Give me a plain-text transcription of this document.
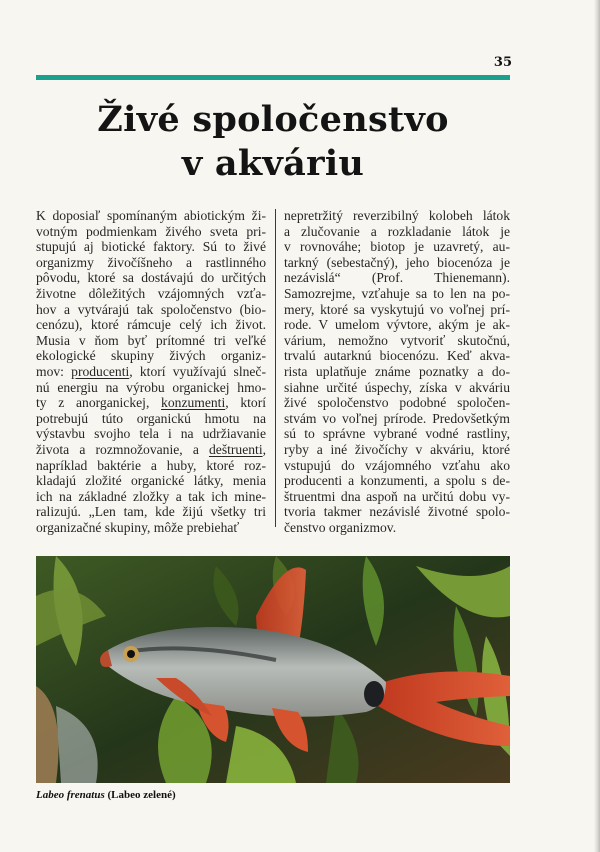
35
Živé spoločenstvo
v akváriu
K doposiaľ spomínaným abiotickým ži-
votným podmienkam živého sveta pri-
stupujú aj biotické faktory. Sú to živé
organizmy živočíšneho a rastlinného
pôvodu, ktoré sa dostávajú do určitých
životne dôležitých vzájomných vzťa-
hov a vytvárajú tak spoločenstvo (bio-
cenózu), ktoré rámcuje celý ich život.
Musia v ňom byť prítomné tri veľké
ekologické skupiny živých organiz-
mov: producenti, ktorí využívajú slneč-
nú energiu na výrobu organickej hmo-
ty z anorganickej, konzumenti, ktorí
potrebujú túto organickú hmotu na
výstavbu svojho tela i na udržiavanie
života a rozmnožovanie, a deštruenti,
napríklad baktérie a huby, ktoré roz-
kladajú zložité organické látky, menia
ich na základné zložky a tak ich mine-
ralizujú. „Len tam, kde žijú všetky tri
organizačné skupiny, môže prebiehať
nepretržitý reverzibilný kolobeh látok
a zlučovanie a rozkladanie látok je
v rovnováhe; biotop je uzavretý, au-
tarkný (sebestačný), jeho biocenóza je
nezávislá“ (Prof. Thienemann).
Samozrejme, vzťahuje sa to len na po-
mery, ktoré sa vyskytujú vo voľnej prí-
rode. V umelom vývtore, akým je ak-
várium, nemožno vytvoriť skutočnú,
trvalú autarknú biocenózu. Keď akva-
rista uplatňuje známe poznatky a do-
siahne určité úspechy, získa v akváriu
živé spoločenstvo podobné spoločen-
stvám vo voľnej prírode. Predovšetkým
sú to správne vybrané vodné rastliny,
ryby a iné živočíchy v akváriu, ktoré
vstupujú do vzájomného vzťahu ako
producenti a konzumenti, a spolu s de-
štruentmi dna aspoň na určitú dobu vy-
tvoria takmer nezávislé životné spolo-
čenstvo organizmov.
Labeo frenatus (Labeo zelené)
